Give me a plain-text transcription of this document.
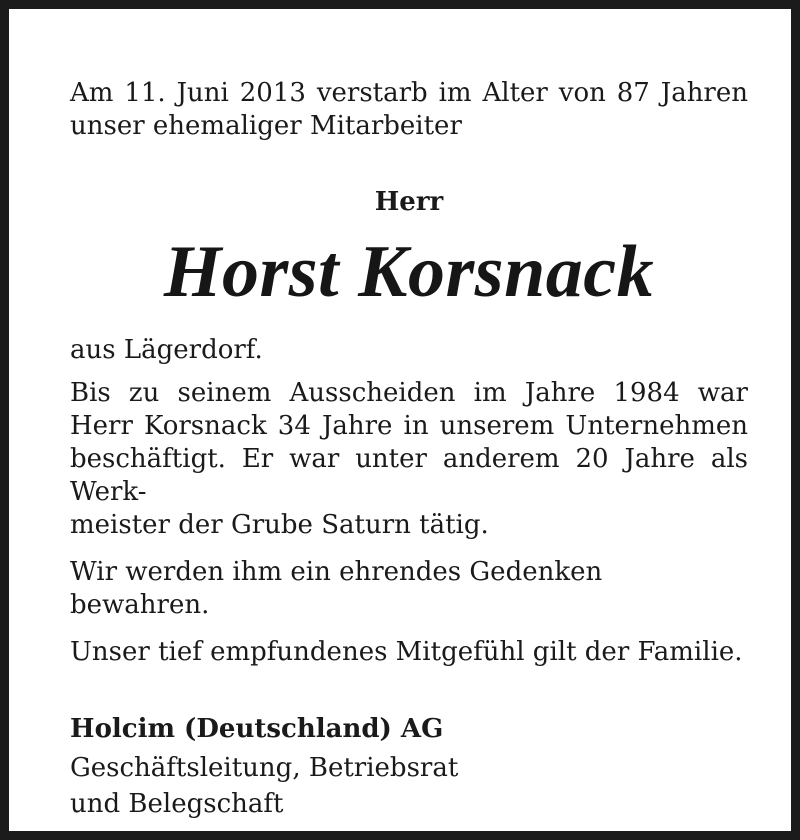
Am 11. Juni 2013 verstarb im Alter von 87 Jahren
unser ehemaliger Mitarbeiter

Herr

Horst Korsnack

aus Lägerdorf.

Bis zu seinem Ausscheiden im Jahre 1984 war
Herr Korsnack 34 Jahre in unserem Unternehmen
beschäftigt. Er war unter anderem 20 Jahre als Werk-
meister der Grube Saturn tätig.

Wir werden ihm ein ehrendes Gedenken bewahren.

Unser tief empfundenes Mitgefühl gilt der Familie.

Holcim (Deutschland) AG

Geschäftsleitung, Betriebsrat
und Belegschaft
